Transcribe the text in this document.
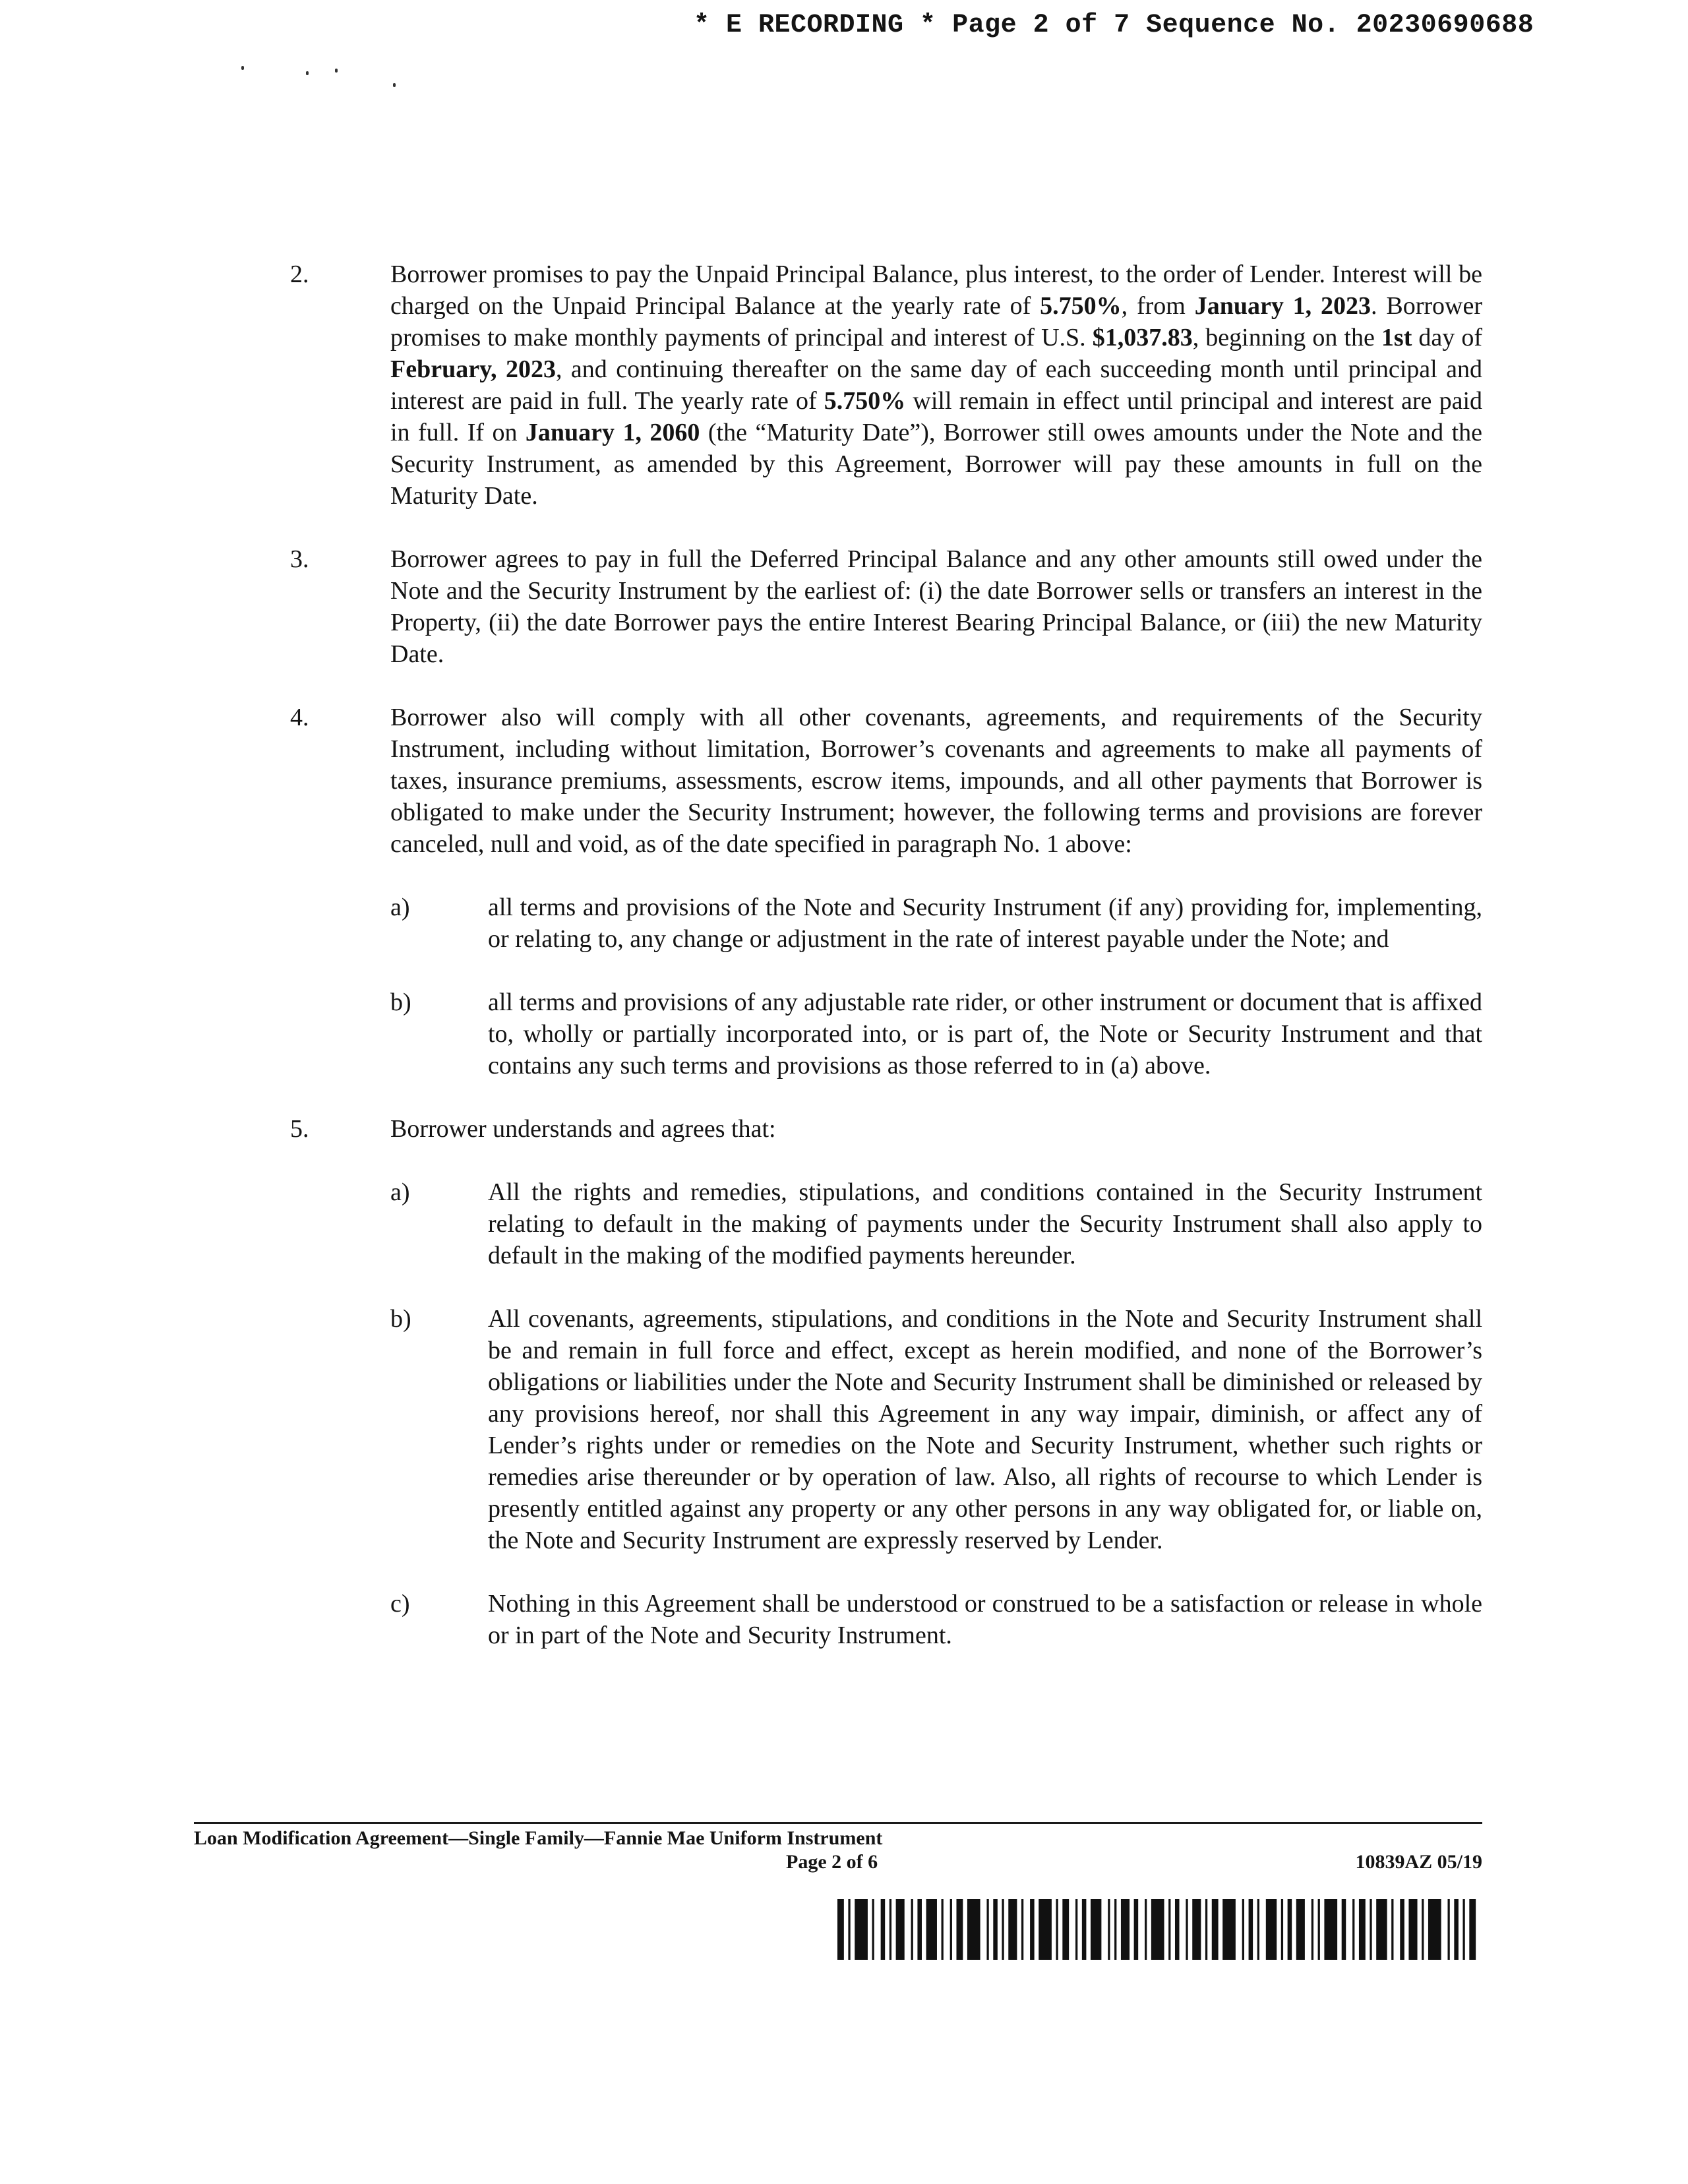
* E RECORDING * Page 2 of 7 Sequence No. 20230690688
2.	Borrower promises to pay the Unpaid Principal Balance, plus interest, to the order of Lender. Interest will be charged on the Unpaid Principal Balance at the yearly rate of 5.750%, from January 1, 2023. Borrower promises to make monthly payments of principal and interest of U.S. $1,037.83, beginning on the 1st day of February, 2023, and continuing thereafter on the same day of each succeeding month until principal and interest are paid in full. The yearly rate of 5.750% will remain in effect until principal and interest are paid in full. If on January 1, 2060 (the “Maturity Date”), Borrower still owes amounts under the Note and the Security Instrument, as amended by this Agreement, Borrower will pay these amounts in full on the Maturity Date.
3.	Borrower agrees to pay in full the Deferred Principal Balance and any other amounts still owed under the Note and the Security Instrument by the earliest of: (i) the date Borrower sells or transfers an interest in the Property, (ii) the date Borrower pays the entire Interest Bearing Principal Balance, or (iii) the new Maturity Date.
4.	Borrower also will comply with all other covenants, agreements, and requirements of the Security Instrument, including without limitation, Borrower’s covenants and agreements to make all payments of taxes, insurance premiums, assessments, escrow items, impounds, and all other payments that Borrower is obligated to make under the Security Instrument; however, the following terms and provisions are forever canceled, null and void, as of the date specified in paragraph No. 1 above:
a)	all terms and provisions of the Note and Security Instrument (if any) providing for, implementing, or relating to, any change or adjustment in the rate of interest payable under the Note; and
b)	all terms and provisions of any adjustable rate rider, or other instrument or document that is affixed to, wholly or partially incorporated into, or is part of, the Note or Security Instrument and that contains any such terms and provisions as those referred to in (a) above.
5.	Borrower understands and agrees that:
a)	All the rights and remedies, stipulations, and conditions contained in the Security Instrument relating to default in the making of payments under the Security Instrument shall also apply to default in the making of the modified payments hereunder.
b)	All covenants, agreements, stipulations, and conditions in the Note and Security Instrument shall be and remain in full force and effect, except as herein modified, and none of the Borrower’s obligations or liabilities under the Note and Security Instrument shall be diminished or released by any provisions hereof, nor shall this Agreement in any way impair, diminish, or affect any of Lender’s rights under or remedies on the Note and Security Instrument, whether such rights or remedies arise thereunder or by operation of law. Also, all rights of recourse to which Lender is presently entitled against any property or any other persons in any way obligated for, or liable on, the Note and Security Instrument are expressly reserved by Lender.
c)	Nothing in this Agreement shall be understood or construed to be a satisfaction or release in whole or in part of the Note and Security Instrument.
Loan Modification Agreement—Single Family—Fannie Mae Uniform Instrument
Page 2 of 6	10839AZ 05/19
